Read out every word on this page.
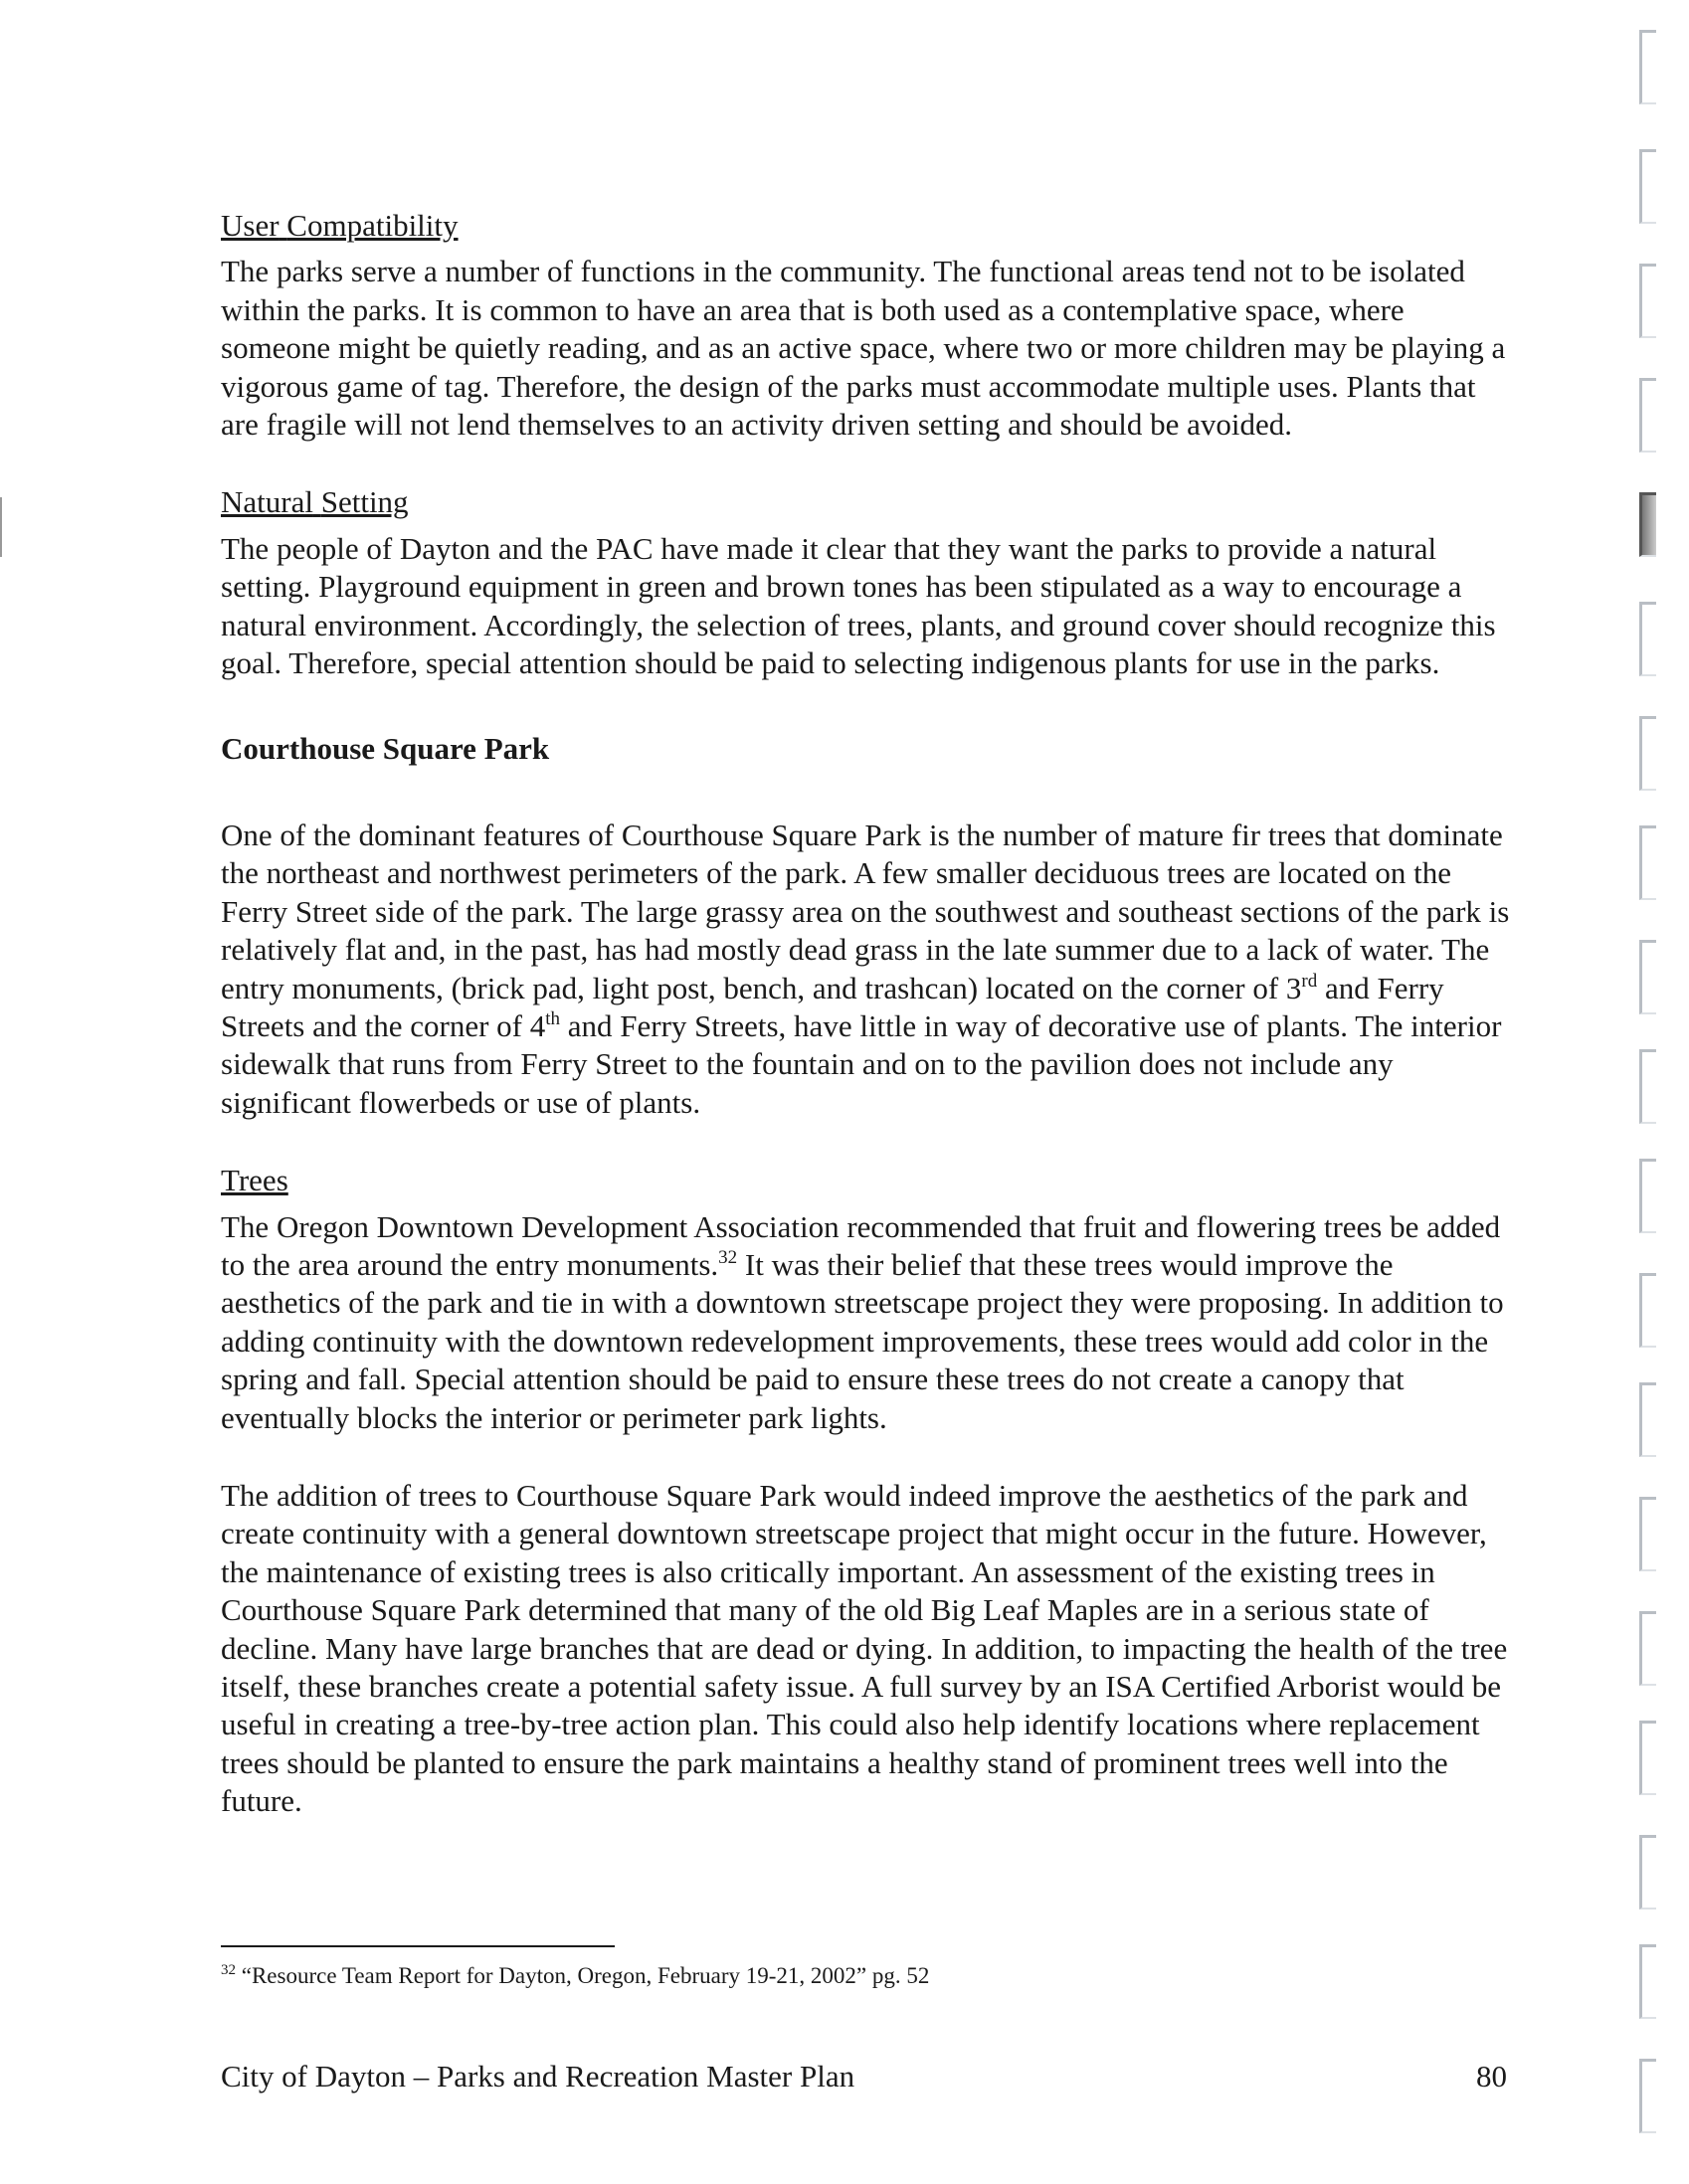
User Compatibility

The parks serve a number of functions in the community. The functional areas tend not to be isolated within the parks. It is common to have an area that is both used as a contemplative space, where someone might be quietly reading, and as an active space, where two or more children may be playing a vigorous game of tag. Therefore, the design of the parks must accommodate multiple uses. Plants that are fragile will not lend themselves to an activity driven setting and should be avoided.

Natural Setting

The people of Dayton and the PAC have made it clear that they want the parks to provide a natural setting. Playground equipment in green and brown tones has been stipulated as a way to encourage a natural environment. Accordingly, the selection of trees, plants, and ground cover should recognize this goal. Therefore, special attention should be paid to selecting indigenous plants for use in the parks.

Courthouse Square Park

One of the dominant features of Courthouse Square Park is the number of mature fir trees that dominate the northeast and northwest perimeters of the park. A few smaller deciduous trees are located on the Ferry Street side of the park. The large grassy area on the southwest and southeast sections of the park is relatively flat and, in the past, has had mostly dead grass in the late summer due to a lack of water. The entry monuments, (brick pad, light post, bench, and trashcan) located on the corner of 3rd and Ferry Streets and the corner of 4th and Ferry Streets, have little in way of decorative use of plants. The interior sidewalk that runs from Ferry Street to the fountain and on to the pavilion does not include any significant flowerbeds or use of plants.

Trees

The Oregon Downtown Development Association recommended that fruit and flowering trees be added to the area around the entry monuments.$^{32}$ It was their belief that these trees would improve the aesthetics of the park and tie in with a downtown streetscape project they were proposing. In addition to adding continuity with the downtown redevelopment improvements, these trees would add color in the spring and fall. Special attention should be paid to ensure these trees do not create a canopy that eventually blocks the interior or perimeter park lights.

The addition of trees to Courthouse Square Park would indeed improve the aesthetics of the park and create continuity with a general downtown streetscape project that might occur in the future. However, the maintenance of existing trees is also critically important. An assessment of the existing trees in Courthouse Square Park determined that many of the old Big Leaf Maples are in a serious state of decline. Many have large branches that are dead or dying. In addition, to impacting the health of the tree itself, these branches create a potential safety issue. A full survey by an ISA Certified Arborist would be useful in creating a tree-by-tree action plan. This could also help identify locations where replacement trees should be planted to ensure the park maintains a healthy stand of prominent trees well into the future.

$^{32}$ “Resource Team Report for Dayton, Oregon, February 19-21, 2002” pg. 52
City of Dayton – Parks and Recreation Master Plan	80
